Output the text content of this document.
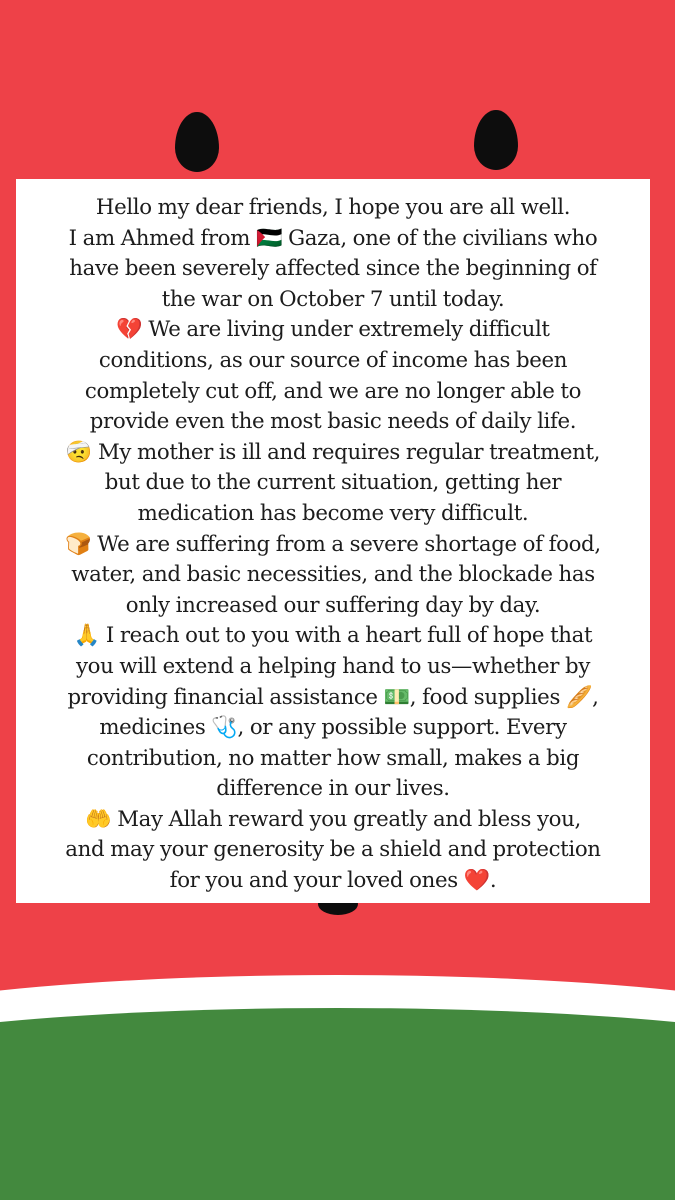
Hello my dear friends, I hope you are all well.
I am Ahmed from 🇵🇸 Gaza, one of the civilians who
have been severely affected since the beginning of
the war on October 7 until today.
💔 We are living under extremely difficult
conditions, as our source of income has been
completely cut off, and we are no longer able to
provide even the most basic needs of daily life.
🤕 My mother is ill and requires regular treatment,
but due to the current situation, getting her
medication has become very difficult.
🍞 We are suffering from a severe shortage of food,
water, and basic necessities, and the blockade has
only increased our suffering day by day.
🙏 I reach out to you with a heart full of hope that
you will extend a helping hand to us—whether by
providing financial assistance 💵, food supplies 🥖,
medicines 🩺, or any possible support. Every
contribution, no matter how small, makes a big
difference in our lives.
🤲 May Allah reward you greatly and bless you,
and may your generosity be a shield and protection
for you and your loved ones ❤️.
